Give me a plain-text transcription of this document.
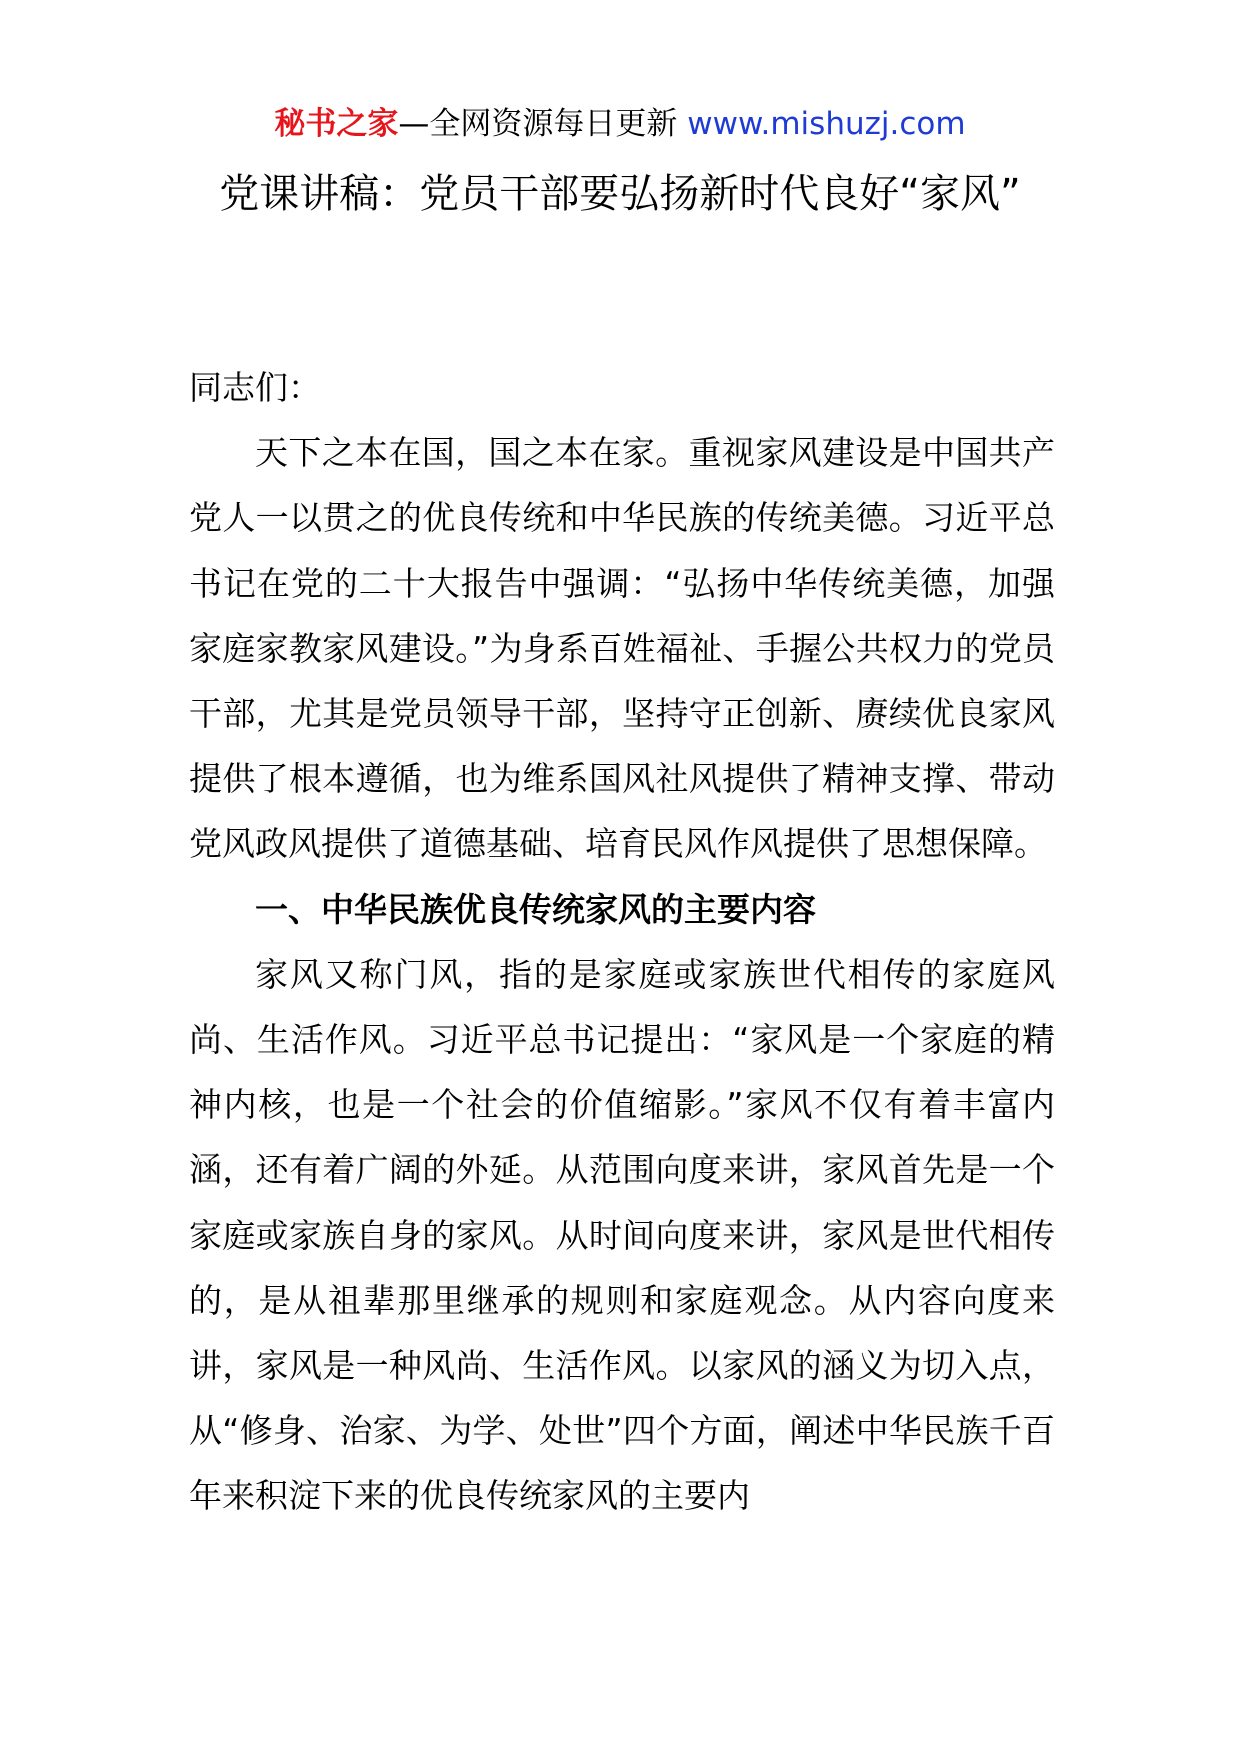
秘书之家—全网资源每日更新 www.mishuzj.com
党课讲稿：党员干部要弘扬新时代良好“家风”

同志们：

天下之本在国，国之本在家。重视家风建设是中国共产党人一以贯之的优良传统和中华民族的传统美德。习近平总书记在党的二十大报告中强调：“弘扬中华传统美德，加强家庭家教家风建设。”为身系百姓福祉、手握公共权力的党员干部，尤其是党员领导干部，坚持守正创新、赓续优良家风提供了根本遵循，也为维系国风社风提供了精神支撑、带动党风政风提供了道德基础、培育民风作风提供了思想保障。

一、中华民族优良传统家风的主要内容

家风又称门风，指的是家庭或家族世代相传的家庭风尚、生活作风。习近平总书记提出：“家风是一个家庭的精神内核，也是一个社会的价值缩影。”家风不仅有着丰富内涵，还有着广阔的外延。从范围向度来讲，家风首先是一个家庭或家族自身的家风。从时间向度来讲，家风是世代相传的，是从祖辈那里继承的规则和家庭观念。从内容向度来讲，家风是一种风尚、生活作风。以家风的涵义为切入点，从“修身、治家、为学、处世”四个方面，阐述中华民族千百年来积淀下来的优良传统家风的主要内
